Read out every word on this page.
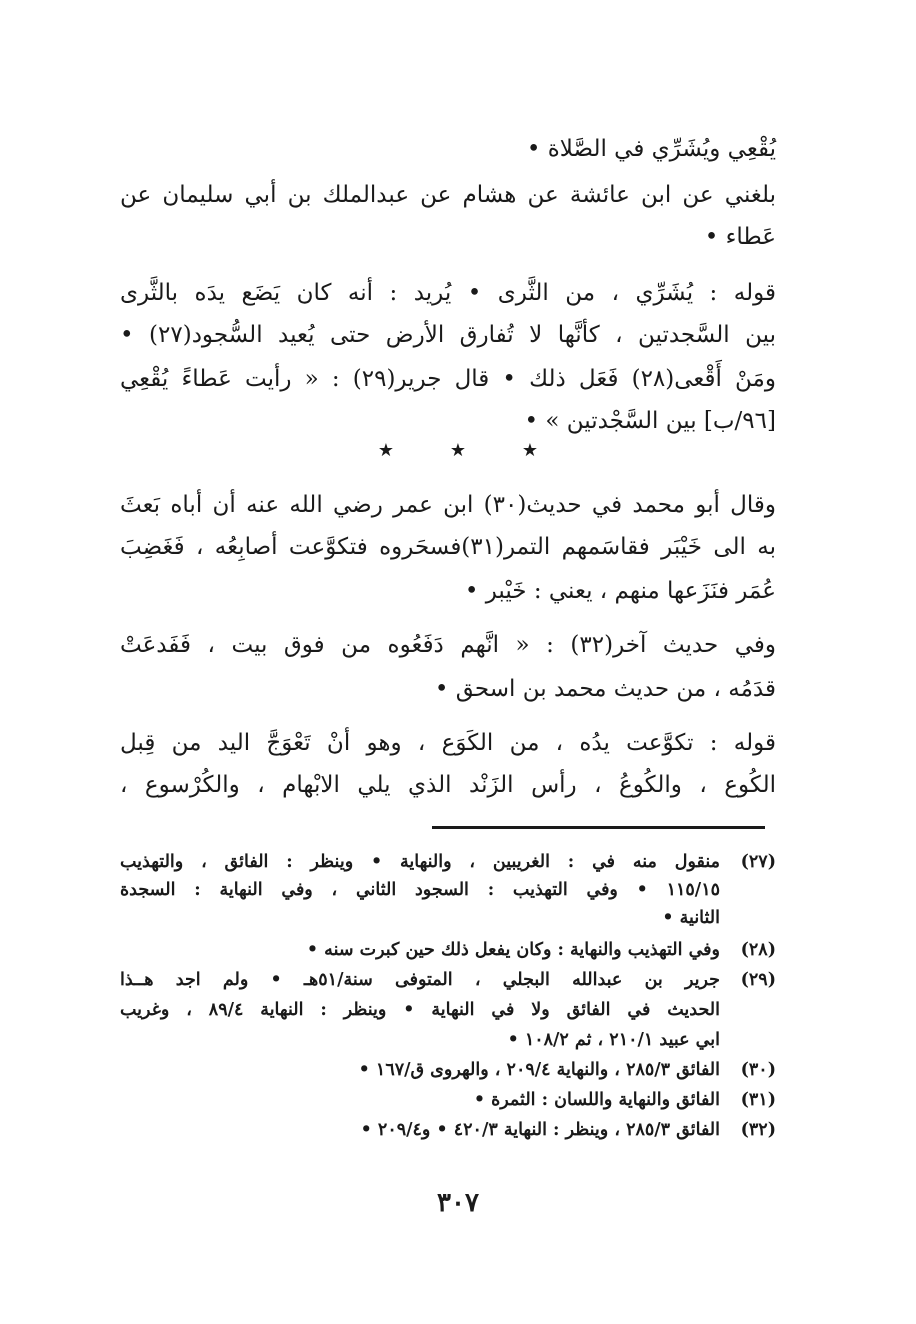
يُقْعِي ويُشَرِّي في الصَّلاة •
بلغني عن ابن عائشة عن هشام عن عبدالملك بن أبي سليمان عن
عَطاء •
قوله : يُشَرِّي ، من الثَّرى • يُريد : أنه كان يَضَع يدَه بالثَّرى
بين السَّجدتين ، كأنَّها لا تُفارق الأرض حتى يُعيد السُّجود(٢٧) •
ومَنْ أَقْعى(٢٨) فَعَل ذلك • قال جرير(٢٩) : « رأيت عَطاءً يُقْعِي
[٩٦/ب] بين السَّجْدتين » •
★★★
وقال أبو محمد في حديث(٣٠) ابن عمر رضي الله عنه أن أباه بَعثَ
به الى خَيْبَر فقاسَمهم التمر(٣١)فسحَروه فتكوَّعت أصابِعُه ، فَغَضِبَ
عُمَر فنَزَعها منهم ، يعني : خَيْبر •
وفي حديث آخر(٣٢) : « انَّهم دَفَعُوه من فوق بيت ، فَفَدعَتْ
قدَمُه ، من حديث محمد بن اسحق •
قوله : تكوَّعت يدُه ، من الكَوَع ، وهو أنْ تَعْوَجَّ اليد من قِبل
الكُوع ، والكُوعُ ، رأس الزَنْد الذي يلي الابْهام ، والكُرْسوع ،
(٢٧)
منقول منه في : الغريبين ، والنهاية • وينظر : الفائق ، والتهذيب
١١٥/١٥ • وفي التهذيب : السجود الثاني ، وفي النهاية : السجدة
الثانية •
(٢٨)
وفي التهذيب والنهاية : وكان يفعل ذلك حين كبرت سنه •
(٢٩)
جرير بن عبدالله البجلي ، المتوفى سنة/٥١هـ • ولم اجد هــذا
الحديث في الفائق ولا في النهاية • وينظر : النهاية ٨٩/٤ ، وغريب
ابي عبيد ٢١٠/١ ، ثم ١٠٨/٢ •
(٣٠)
الفائق ٢٨٥/٣ ، والنهاية ٢٠٩/٤ ، والهروى ق/١٦٧ •
(٣١)
الفائق والنهاية واللسان : الثمرة •
(٣٢)
الفائق ٢٨٥/٣ ، وينظر : النهاية ٤٢٠/٣ • و٢٠٩/٤ •
٣٠٧
